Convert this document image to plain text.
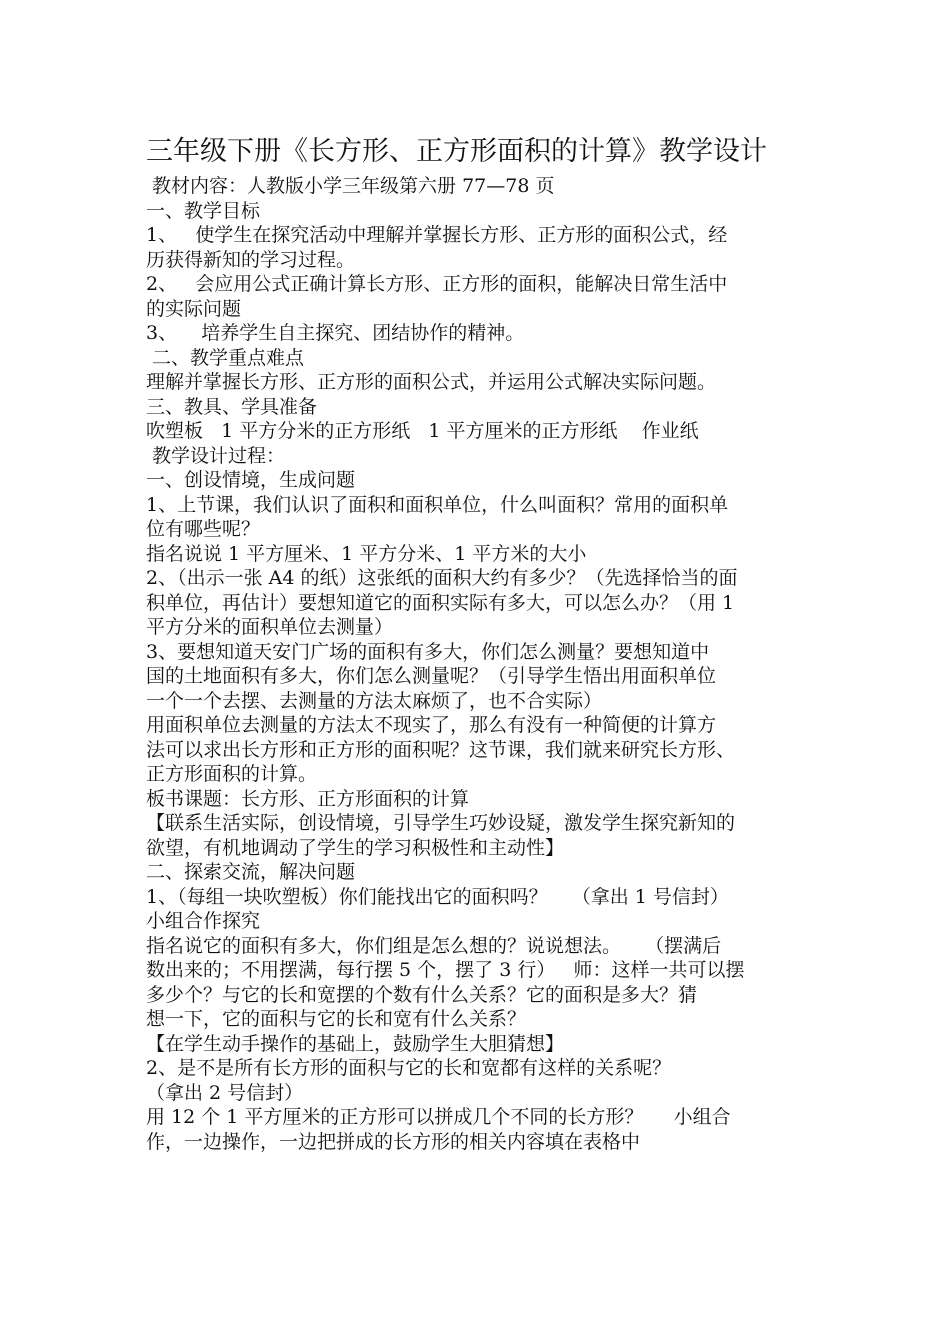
三年级下册《长方形、正方形面积的计算》教学设计
教材内容：人教版小学三年级第六册 77—78 页
一、教学目标
1、   使学生在探究活动中理解并掌握长方形、正方形的面积公式，经
历获得新知的学习过程。
2、   会应用公式正确计算长方形、正方形的面积，能解决日常生活中
的实际问题
3、    培养学生自主探究、团结协作的精神。
二、教学重点难点
理解并掌握长方形、正方形的面积公式，并运用公式解决实际问题。
三、教具、学具准备
吹塑板   1 平方分米的正方形纸   1 平方厘米的正方形纸    作业纸
教学设计过程：
一、创设情境，生成问题
1、上节课，我们认识了面积和面积单位，什么叫面积？常用的面积单
位有哪些呢？
指名说说 1 平方厘米、1 平方分米、1 平方米的大小
2、（出示一张 A4 的纸）这张纸的面积大约有多少？（先选择恰当的面
积单位，再估计）要想知道它的面积实际有多大，可以怎么办？（用 1
平方分米的面积单位去测量）
3、要想知道天安门广场的面积有多大，你们怎么测量？要想知道中
国的土地面积有多大，你们怎么测量呢？（引导学生悟出用面积单位
一个一个去摆、去测量的方法太麻烦了，也不合实际）
用面积单位去测量的方法太不现实了，那么有没有一种简便的计算方
法可以求出长方形和正方形的面积呢？这节课，我们就来研究长方形、
正方形面积的计算。
板书课题：长方形、正方形面积的计算
【联系生活实际，创设情境，引导学生巧妙设疑，激发学生探究新知的
欲望，有机地调动了学生的学习积极性和主动性】
二、探索交流，解决问题
1、（每组一块吹塑板）你们能找出它的面积吗？    （拿出 1 号信封）
小组合作探究
指名说它的面积有多大，你们组是怎么想的？说说想法。    （摆满后
数出来的；不用摆满，每行摆 5 个，摆了 3 行）   师：这样一共可以摆
多少个？与它的长和宽摆的个数有什么关系？它的面积是多大？猜
想一下，它的面积与它的长和宽有什么关系？
【在学生动手操作的基础上，鼓励学生大胆猜想】
2、是不是所有长方形的面积与它的长和宽都有这样的关系呢？
（拿出 2 号信封）
用 12 个 1 平方厘米的正方形可以拼成几个不同的长方形？     小组合
作，一边操作，一边把拼成的长方形的相关内容填在表格中
